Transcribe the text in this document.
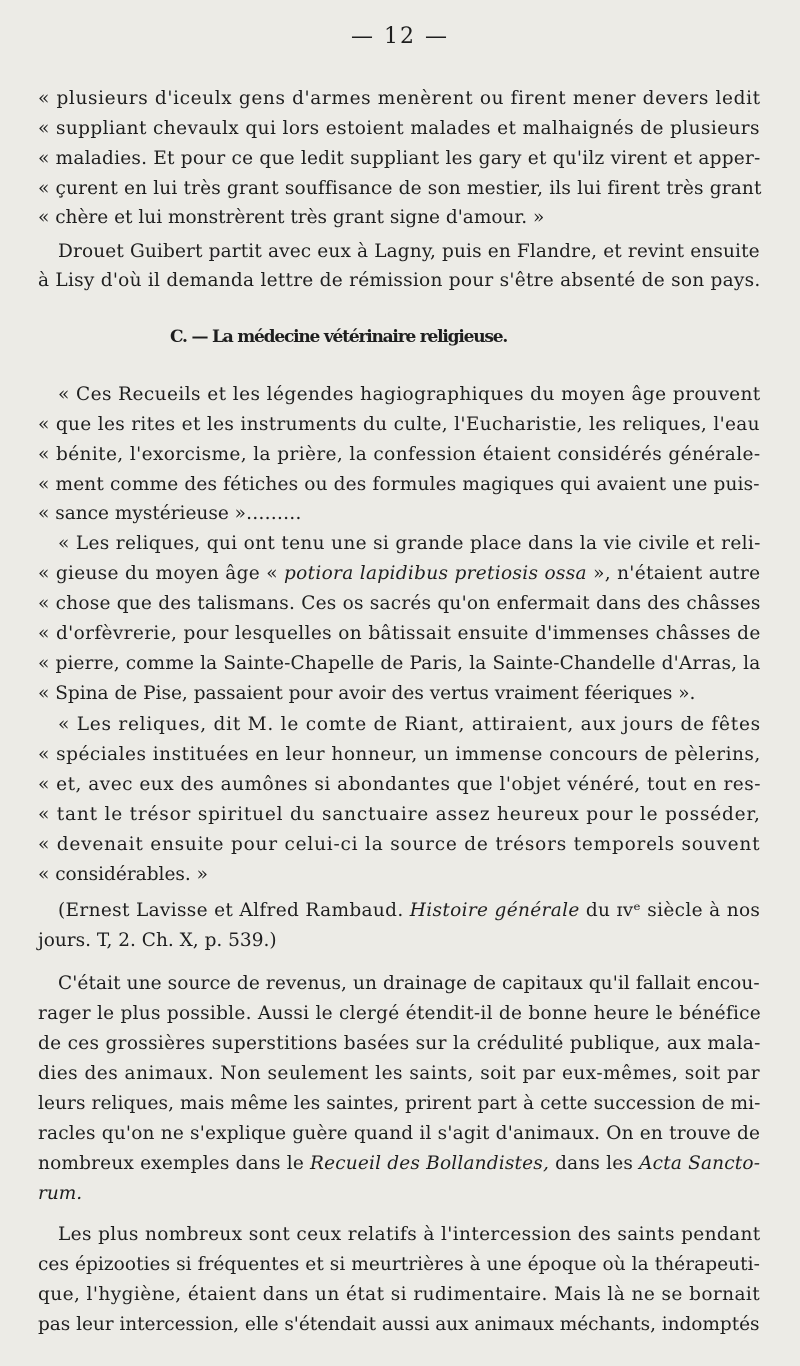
— 12 —
« plusieurs d'iceulx gens d'armes menèrent ou firent mener devers ledit
« suppliant chevaulx qui lors estoient malades et malhaignés de plusieurs
« maladies. Et pour ce que ledit suppliant les gary et qu'ilz virent et apper-
« çurent en lui très grant souffisance de son mestier, ils lui firent très grant
« chère et lui monstrèrent très grant signe d'amour. »
Drouet Guibert partit avec eux à Lagny, puis en Flandre, et revint ensuite
à Lisy d'où il demanda lettre de rémission pour s'être absenté de son pays.
C. — La médecine vétérinaire religieuse.
« Ces Recueils et les légendes hagiographiques du moyen âge prouvent
« que les rites et les instruments du culte, l'Eucharistie, les reliques, l'eau
« bénite, l'exorcisme, la prière, la confession étaient considérés générale-
« ment comme des fétiches ou des formules magiques qui avaient une puis-
« sance mystérieuse »………
« Les reliques, qui ont tenu une si grande place dans la vie civile et reli-
« gieuse du moyen âge « potiora lapidibus pretiosis ossa », n'étaient autre
« chose que des talismans. Ces os sacrés qu'on enfermait dans des châsses
« d'orfèvrerie, pour lesquelles on bâtissait ensuite d'immenses châsses de
« pierre, comme la Sainte-Chapelle de Paris, la Sainte-Chandelle d'Arras, la
« Spina de Pise, passaient pour avoir des vertus vraiment féeriques ».
« Les reliques, dit M. le comte de Riant, attiraient, aux jours de fêtes
« spéciales instituées en leur honneur, un immense concours de pèlerins,
« et, avec eux des aumônes si abondantes que l'objet vénéré, tout en res-
« tant le trésor spirituel du sanctuaire assez heureux pour le posséder,
« devenait ensuite pour celui-ci la source de trésors temporels souvent
« considérables. »
(Ernest Lavisse et Alfred Rambaud. Histoire générale du ɪvᵉ siècle à nos
jours. T, 2. Ch. X, p. 539.)
C'était une source de revenus, un drainage de capitaux qu'il fallait encou-
rager le plus possible. Aussi le clergé étendit-il de bonne heure le bénéfice
de ces grossières superstitions basées sur la crédulité publique, aux mala-
dies des animaux. Non seulement les saints, soit par eux-mêmes, soit par
leurs reliques, mais même les saintes, prirent part à cette succession de mi-
racles qu'on ne s'explique guère quand il s'agit d'animaux. On en trouve de
nombreux exemples dans le Recueil des Bollandistes, dans les Acta Sancto-
rum.
Les plus nombreux sont ceux relatifs à l'intercession des saints pendant
ces épizooties si fréquentes et si meurtrières à une époque où la thérapeuti-
que, l'hygiène, étaient dans un état si rudimentaire. Mais là ne se bornait
pas leur intercession, elle s'étendait aussi aux animaux méchants, indomptés
